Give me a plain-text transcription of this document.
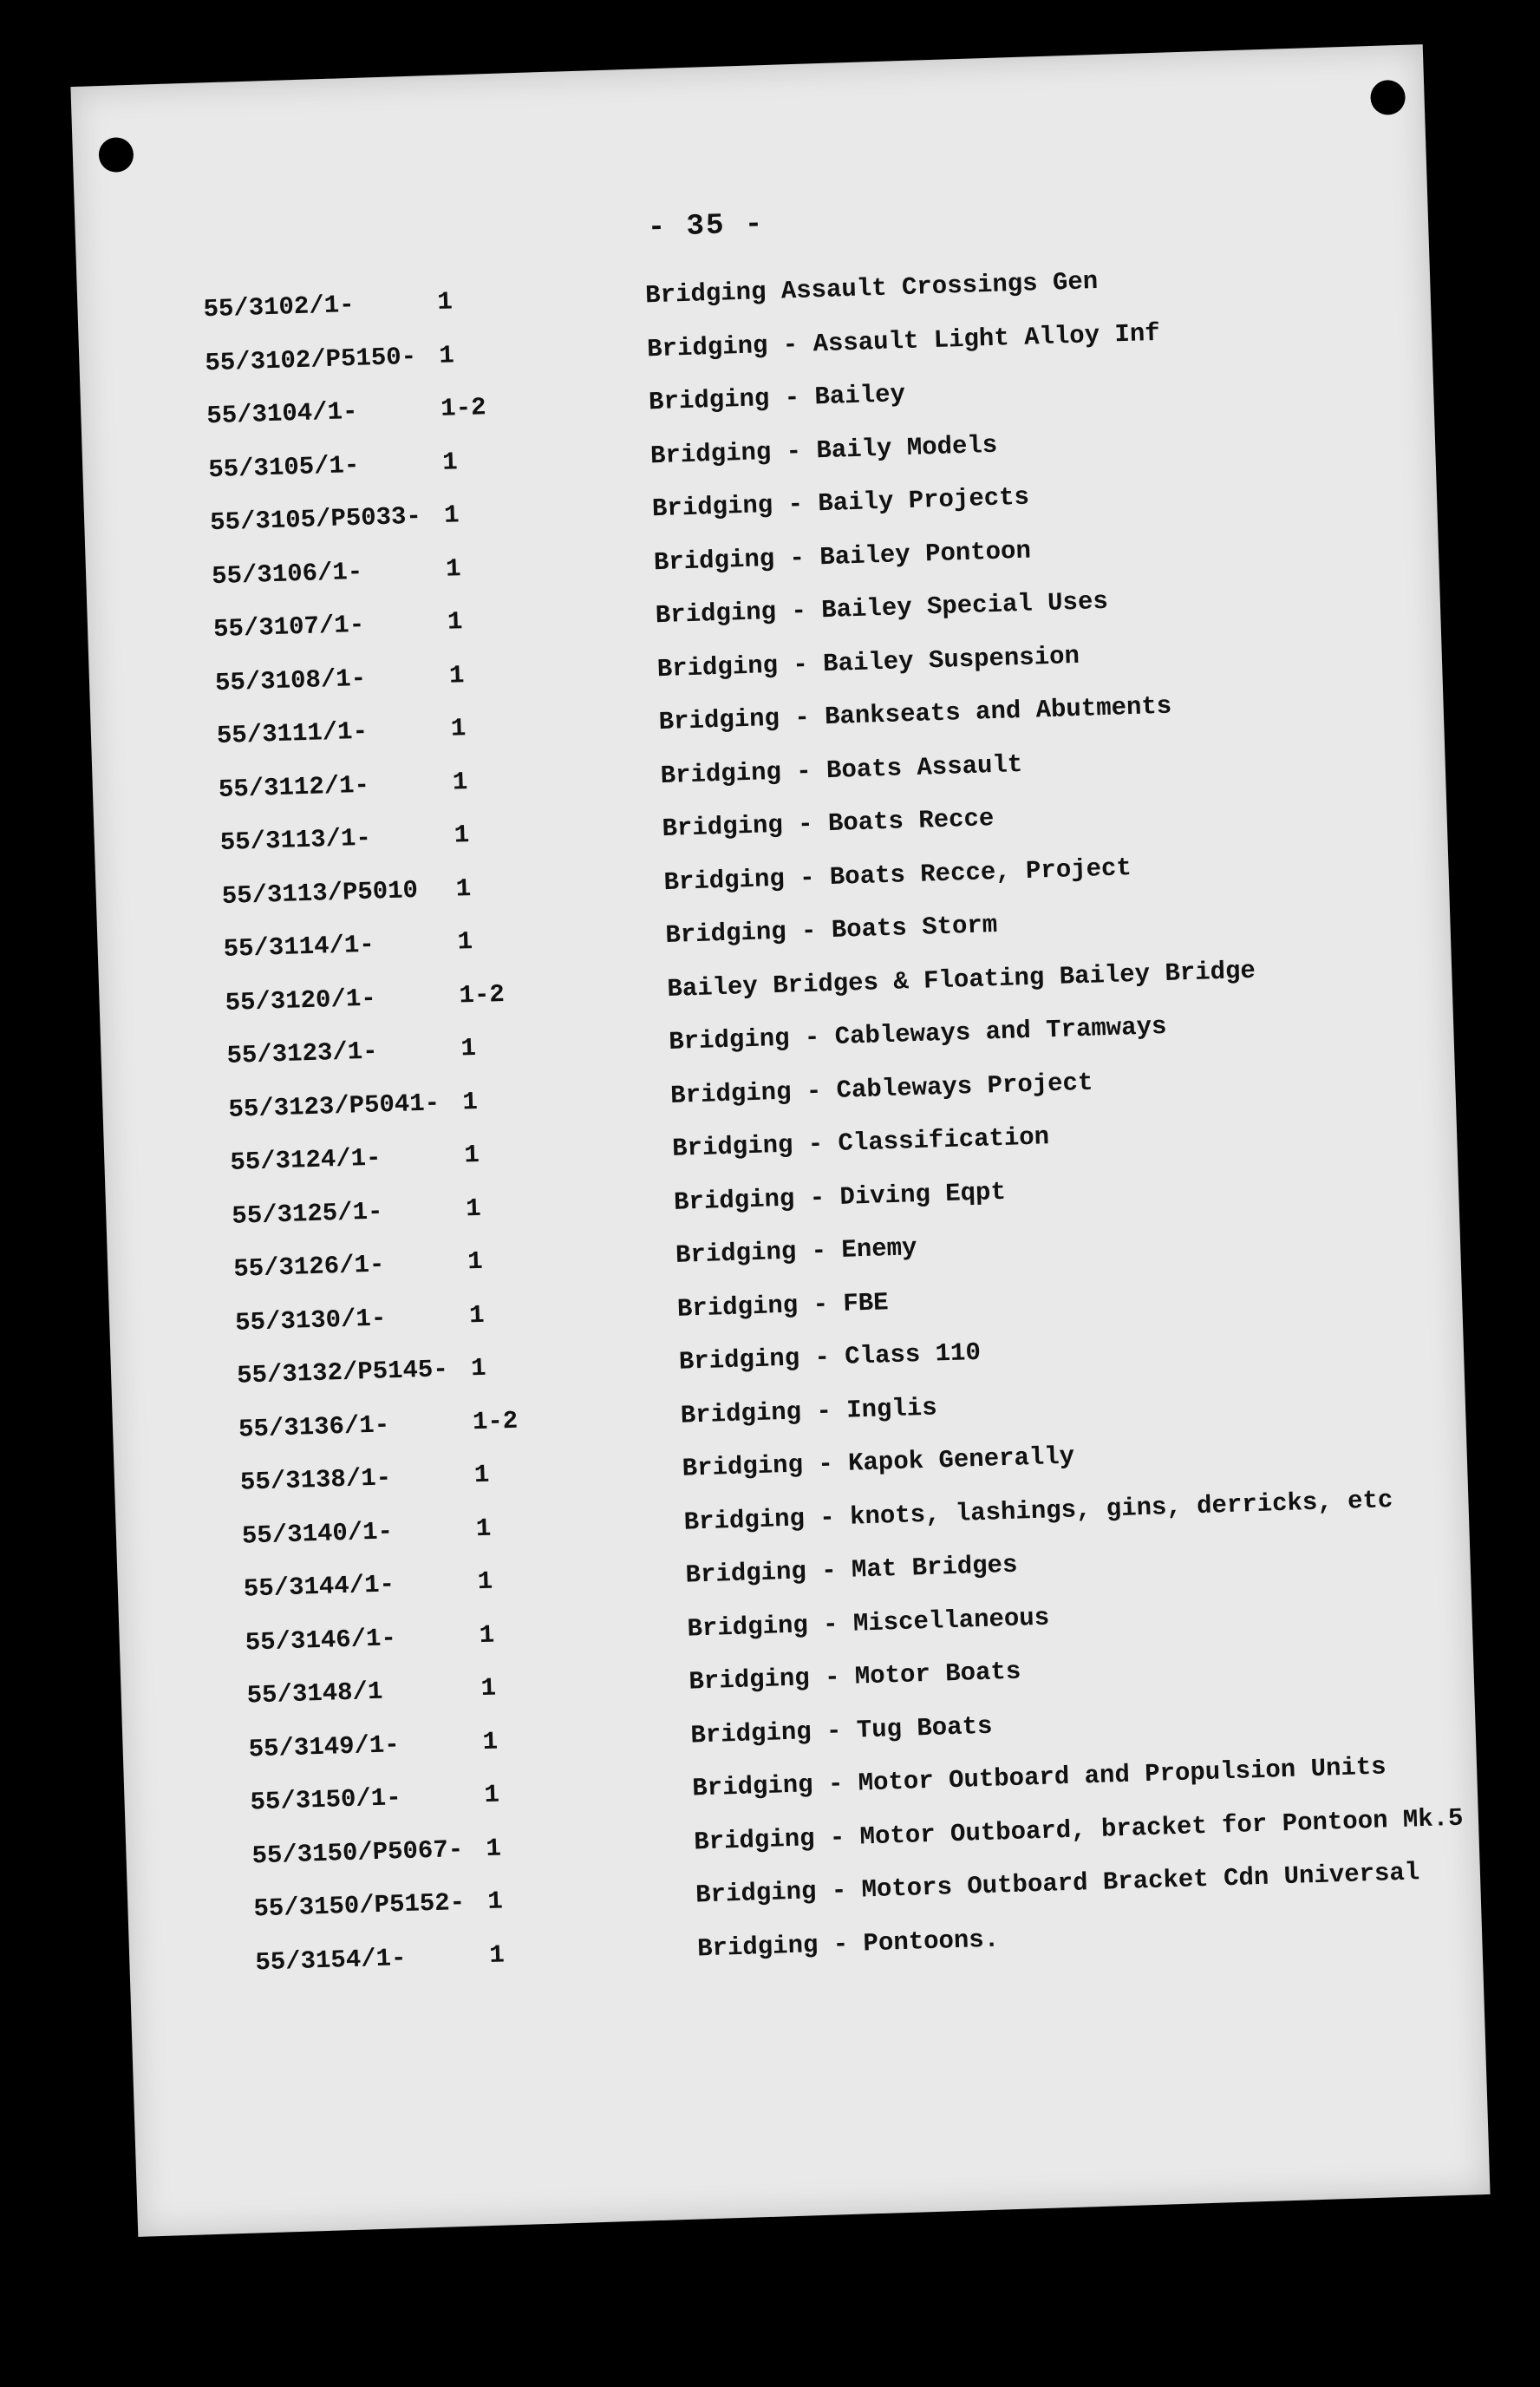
- 35 -
55/3102/1-	1	Bridging Assault Crossings Gen
55/3102/P5150- 1	Bridging - Assault Light Alloy Inf
55/3104/1-	1-2	Bridging - Bailey
55/3105/1-	1	Bridging - Baily Models
55/3105/P5033- 1	Bridging - Baily Projects
55/3106/1-	1	Bridging - Bailey Pontoon
55/3107/1-	1	Bridging - Bailey Special Uses
55/3108/1-	1	Bridging - Bailey Suspension
55/3111/1-	1	Bridging - Bankseats and Abutments
55/3112/1-	1	Bridging - Boats Assault
55/3113/1-	1	Bridging - Boats Recce
55/3113/P5010 1	Bridging - Boats Recce, Project
55/3114/1-	1	Bridging - Boats Storm
55/3120/1-	1-2	Bailey Bridges & Floating Bailey Bridge
55/3123/1-	1	Bridging - Cableways and Tramways
55/3123/P5041- 1	Bridging - Cableways Project
55/3124/1-	1	Bridging - Classification
55/3125/1-	1	Bridging - Diving Eqpt
55/3126/1-	1	Bridging - Enemy
55/3130/1-	1	Bridging - FBE
55/3132/P5145- 1	Bridging - Class 110
55/3136/1-	1-2	Bridging - Inglis
55/3138/1-	1	Bridging - Kapok Generally
55/3140/1-	1	Bridging - knots, lashings, gins, derricks, etc
55/3144/1-	1	Bridging - Mat Bridges
55/3146/1-	1	Bridging - Miscellaneous
55/3148/1	1	Bridging - Motor Boats
55/3149/1-	1	Bridging - Tug Boats
55/3150/1-	1	Bridging - Motor Outboard and Propulsion Units
55/3150/P5067- 1	Bridging - Motor Outboard, bracket for Pontoon Mk.5
55/3150/P5152- 1	Bridging - Motors Outboard Bracket Cdn Universal
55/3154/1-	1	Bridging - Pontoons.
